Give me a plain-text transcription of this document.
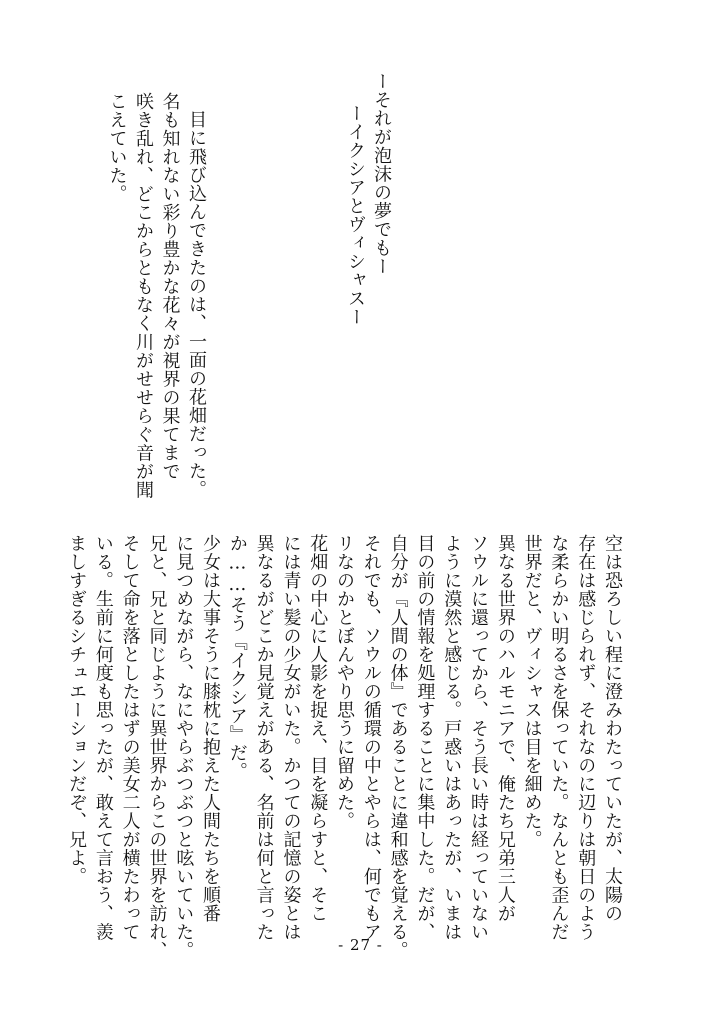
ーそれが泡沫の夢でもー
ーイクシアとヴィシャスー
目に飛び込んできたのは、一面の花畑だった。
名も知れない彩り豊かな花々が視界の果てまで
咲き乱れ、どこからともなく川がせせらぐ音が聞
こえていた。
空は恐ろしい程に澄みわたっていたが、太陽の
存在は感じられず、それなのに辺りは朝日のよう
な柔らかい明るさを保っていた。なんとも歪んだ
世界だと、ヴィシャスは目を細めた。
異なる世界のハルモニアで、俺たち兄弟三人が
ソウルに還ってから、そう長い時は経っていない
ように漠然と感じる。戸惑いはあったが、いまは
目の前の情報を処理することに集中した。だが、
自分が『人間の体』であることに違和感を覚える。
それでも、ソウルの循環の中とやらは、何でもア
リなのかとぼんやり思うに留めた。
花畑の中心に人影を捉え、目を凝らすと、そこ
には青い髪の少女がいた。かつての記憶の姿とは
異なるがどこか見覚えがある、名前は何と言った
か……そう『イクシア』だ。
少女は大事そうに膝枕に抱えた人間たちを順番
に見つめながら、なにやらぶつぶつと呟いていた。
兄と、兄と同じように異世界からこの世界を訪れ、
そして命を落としたはずの美女二人が横たわって
いる。生前に何度も思ったが、敢えて言おう、羨
ましすぎるシチュエーションだぞ、兄よ。
- 27 -
